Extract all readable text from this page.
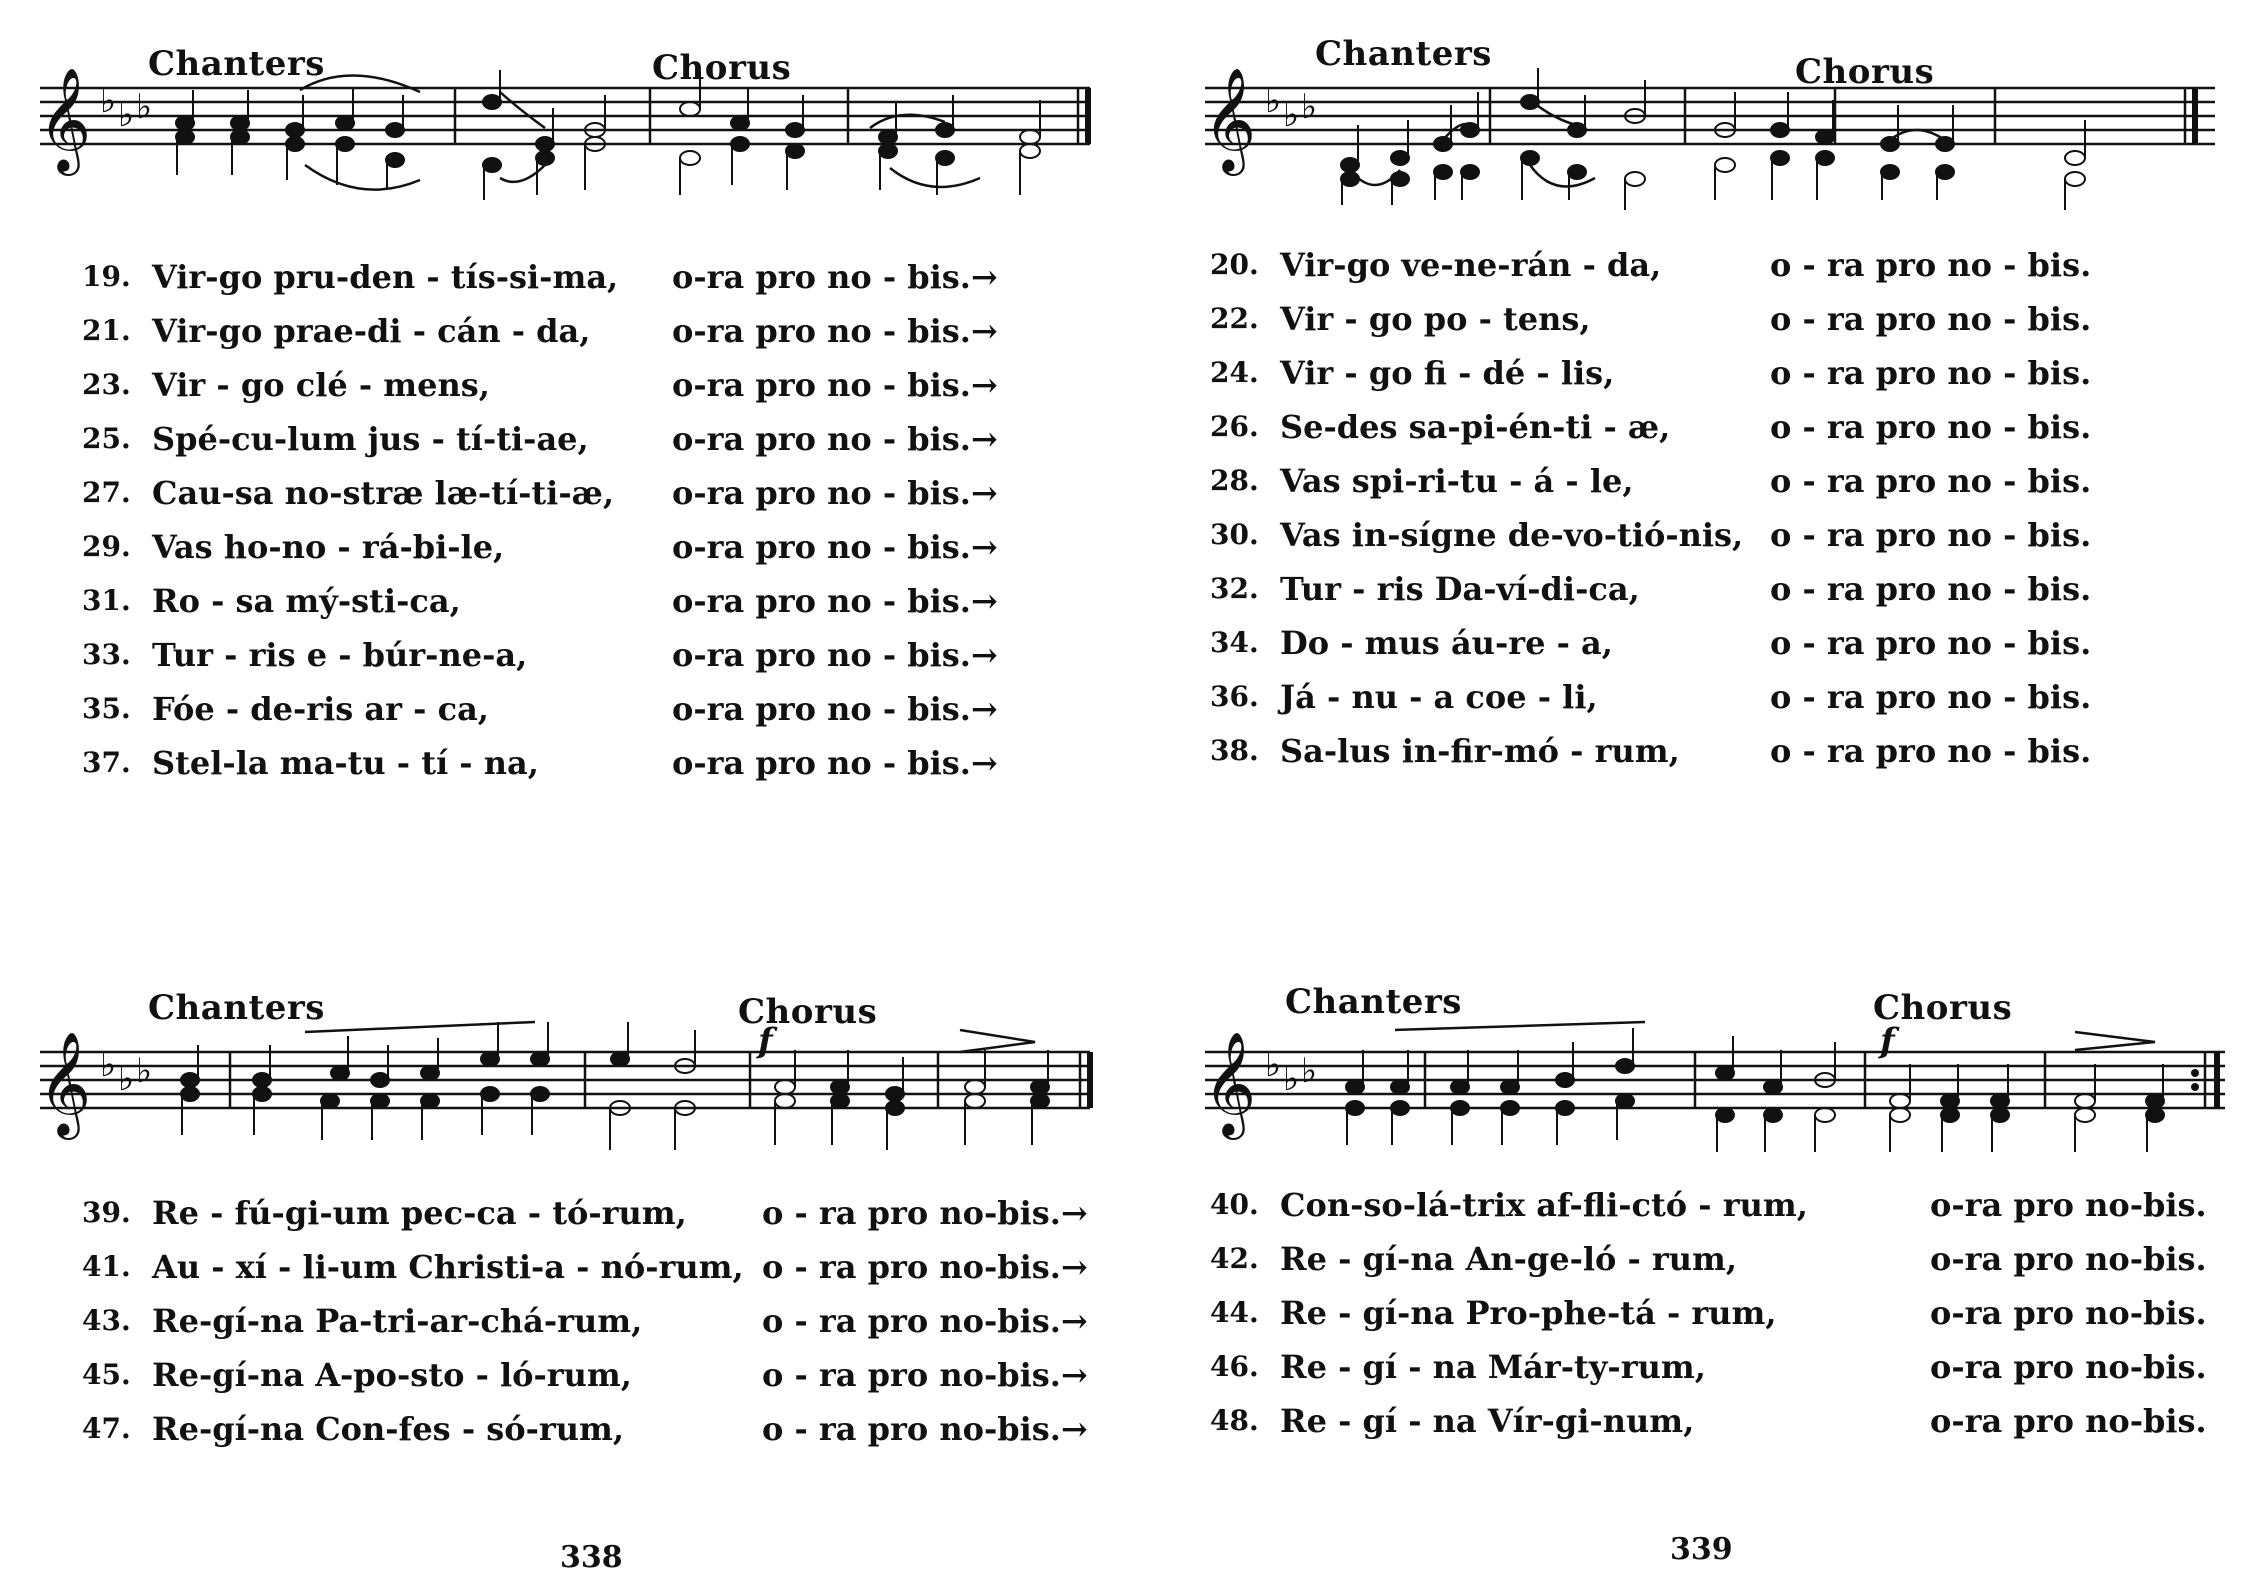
Chanters	Chorus
𝄞 ♭ ♭ ♭
19. Vir-go pru-den - tís-si-ma, o-ra pro no - bis.→
21. Vir-go prae-di - cán - da,	o-ra pro no - bis.→
23. Vir - go clé - mens,	o-ra pro no - bis.→
25. Spé-cu-lum jus - tí-ti-ae,	o-ra pro no - bis.→
27. Cau-sa no-stræ læ-tí-ti-æ, o-ra pro no - bis.→
29. Vas ho-no - rá-bi-le,	o-ra pro no - bis.→
31. Ro - sa mý-sti-ca,	o-ra pro no - bis.→
33. Tur - ris e - búr-ne-a,	o-ra pro no - bis.→
35. Fóe - de-ris ar - ca,	o-ra pro no - bis.→
37. Stel-la ma-tu - tí - na,	o-ra pro no - bis.→
Chanters	Chorus
𝄞 ♭ ♭ ♭
f
39. Re - fú-gi-um pec-ca - tó-rum, o - ra pro no-bis.→
41. Au - xí - li-um Christi-a - nó-rum, o - ra pro no-bis.→
43. Re-gí-na Pa-tri-ar-chá-rum,	o - ra pro no-bis.→
45. Re-gí-na A-po-sto - ló-rum,	o - ra pro no-bis.→
47. Re-gí-na Con-fes - só-rum,	o - ra pro no-bis.→
338
Chanters	Chorus
𝄞 ♭ ♭ ♭
20. Vir-go ve-ne-rán - da,	o - ra pro no - bis.
22. Vir - go po - tens,	o - ra pro no - bis.
24. Vir - go fi - dé - lis,	o - ra pro no - bis.
26. Se-des sa-pi-én-ti - æ,	o - ra pro no - bis.
28. Vas spi-ri-tu - á - le,	o - ra pro no - bis.
30. Vas in-sígne de-vo-tió-nis, o - ra pro no - bis.
32. Tur - ris Da-ví-di-ca,	o - ra pro no - bis.
34. Do - mus áu-re - a,	o - ra pro no - bis.
36. Já - nu - a coe - li,	o - ra pro no - bis.
38. Sa-lus in-fir-mó - rum,	o - ra pro no - bis.
Chanters	Chorus
𝄞 ♭ ♭ ♭
f
40. Con-so-lá-trix af-fli-ctó - rum,	o-ra pro no-bis.
42. Re - gí-na An-ge-ló - rum,	o-ra pro no-bis.
44. Re - gí-na Pro-phe-tá - rum,	o-ra pro no-bis.
46. Re - gí - na Már-ty-rum,	o-ra pro no-bis.
48. Re - gí - na Vír-gi-num,	o-ra pro no-bis.
339
